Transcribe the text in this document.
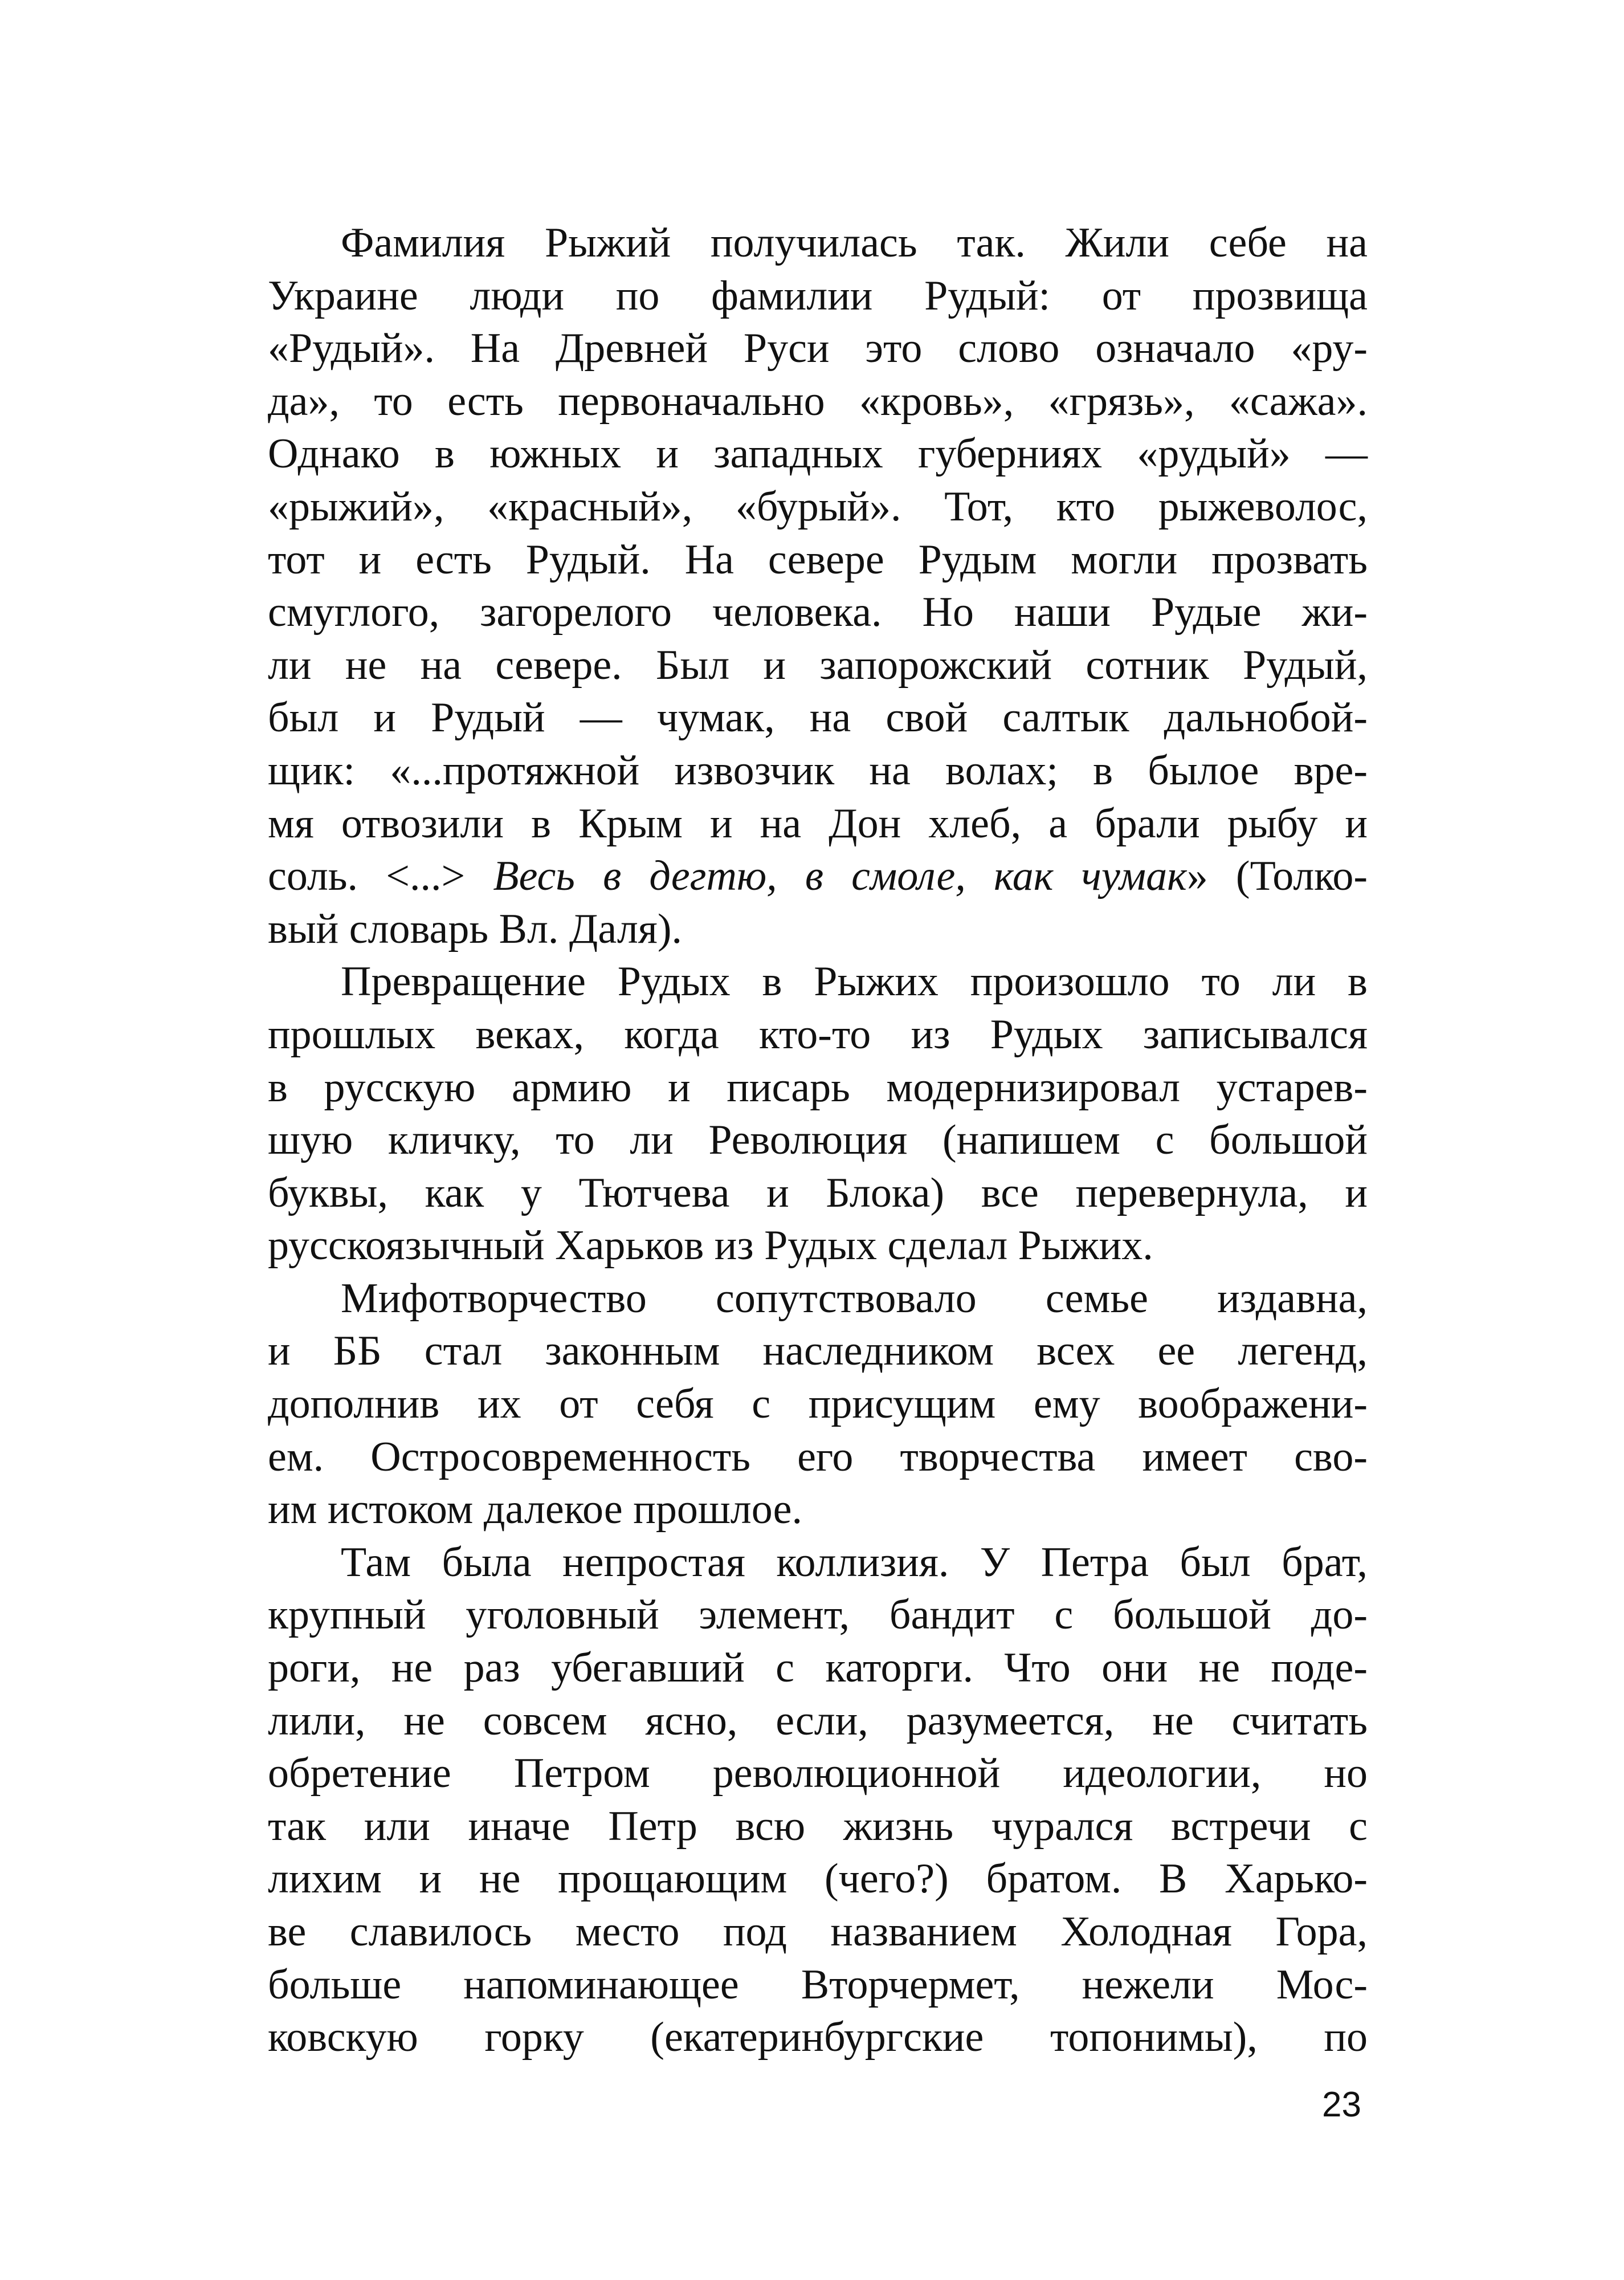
Фамилия Рыжий получилась так. Жили себе на
Украине люди по фамилии Рудый: от прозвища
«Рудый». На Древней Руси это слово означало «ру-
да», то есть первоначально «кровь», «грязь», «сажа».
Однако в южных и западных губерниях «рудый» —
«рыжий», «красный», «бурый». Тот, кто рыжеволос,
тот и есть Рудый. На севере Рудым могли прозвать
смуглого, загорелого человека. Но наши Рудые жи-
ли не на севере. Был и запорожский сотник Рудый,
был и Рудый — чумак, на свой салтык дальнобой-
щик: «...протяжной извозчик на волах; в былое вре-
мя отвозили в Крым и на Дон хлеб, а брали рыбу и
соль. <...> Весь в дегтю, в смоле, как чумак» (Толко-
вый словарь Вл. Даля).
Превращение Рудых в Рыжих произошло то ли в
прошлых веках, когда кто-то из Рудых записывался
в русскую армию и писарь модернизировал устарев-
шую кличку, то ли Революция (напишем с большой
буквы, как у Тютчева и Блока) все перевернула, и
русскоязычный Харьков из Рудых сделал Рыжих.
Мифотворчество сопутствовало семье издавна,
и ББ стал законным наследником всех ее легенд,
дополнив их от себя с присущим ему воображени-
ем. Остросовременность его творчества имеет сво-
им истоком далекое прошлое.
Там была непростая коллизия. У Петра был брат,
крупный уголовный элемент, бандит с большой до-
роги, не раз убегавший с каторги. Что они не поде-
лили, не совсем ясно, если, разумеется, не считать
обретение Петром революционной идеологии, но
так или иначе Петр всю жизнь чурался встречи с
лихим и не прощающим (чего?) братом. В Харько-
ве славилось место под названием Холодная Гора,
больше напоминающее Вторчермет, нежели Мос-
ковскую горку (екатеринбургские топонимы), по
23
